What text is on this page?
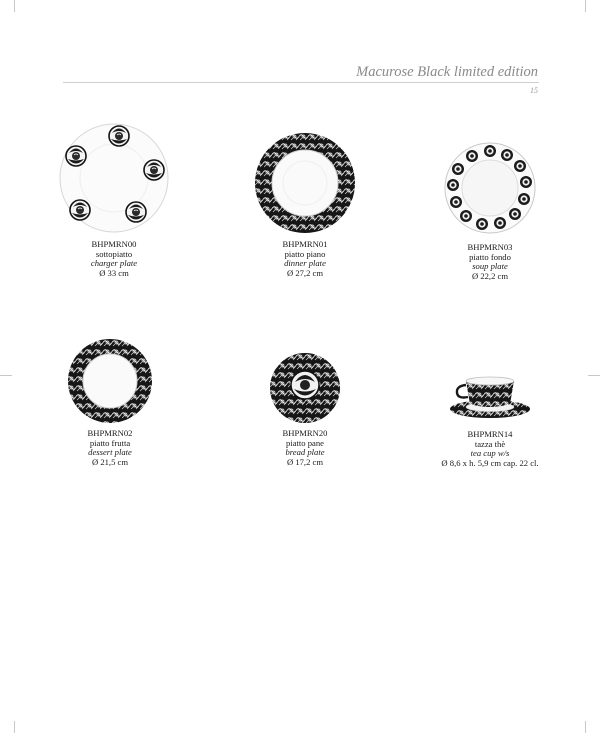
Macurose Black limited edition
15
BHPMRN00
sottopiatto
charger plate
Ø 33 cm
BHPMRN01
piatto piano
dinner plate
Ø 27,2 cm
BHPMRN03
piatto fondo
soup plate
Ø 22,2 cm
BHPMRN02
piatto frutta
dessert plate
Ø 21,5 cm
BHPMRN20
piatto pane
bread plate
Ø 17,2 cm
BHPMRN14
tazza thè
tea cup w/s
Ø 8,6 x h. 5,9 cm cap. 22 cl.
